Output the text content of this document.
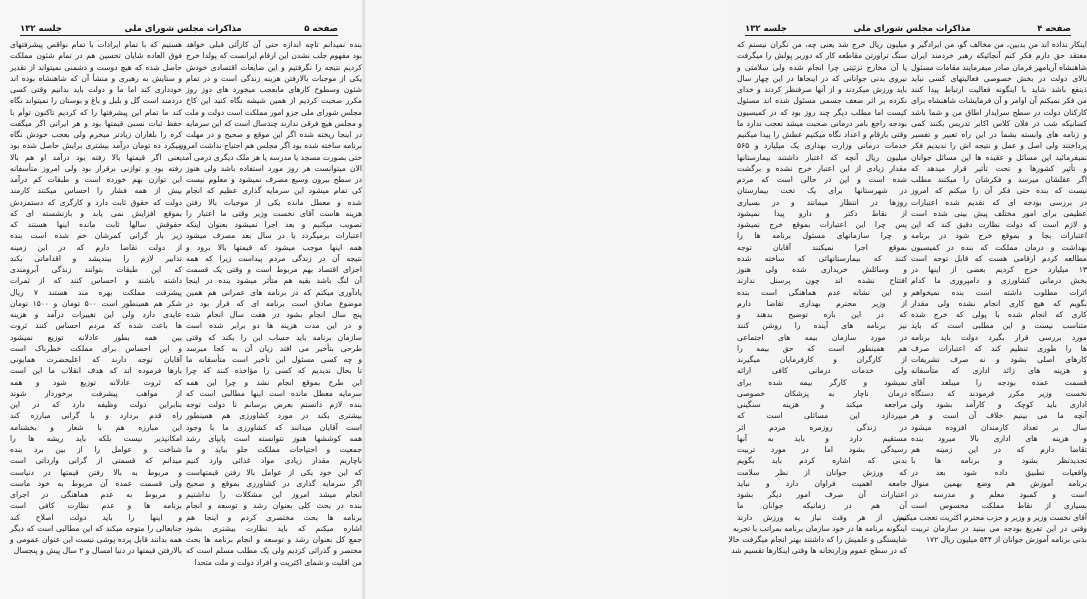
جلسه ۱۳۲	مذاکرات مجلس شورای ملی	صفحه ۵
بنده نمیدانم تاچه اندازه حتی آن کارآئی قبلی خواهد
بود مفهوم جلب نشدن این ارقام ایرانست که پولدا خرج
کردیم نتیجه را نگرفتیم و این ضایعات اقتصادی خودش
یکی از موجبات بالارفتن هزینه زندگی است و در تمام
شئون وسطوح کارهای مابعجب میخورد های دوز روز
مکرر صحبت کردیم از همین شیشه نگاه کنید این کاخ
مجلس شورای ملی جزو امور مملکت است دولت و ملت
و مجلس هیچ فرقی ندارند چندسال است که این سرمایه
در اینجا ریخته شده اگر این موقع و صحیح و در مهلت
برنامه ساخته شده بود اگر مجلس هم احتیاج نداشت امروز
حتی بصورت مسجد یا مدرسه یا هر ملک دیگری درمی آمد
الان میتوانست هر روز مورد استفاده باشد ولی هنوز
در سطح بیرون وسیع مصرف نمیشود و معلوم نیست
کی تمام میشود این سرمایه گذاری عظیم که انجام
شده و معطل مانده یکی از موجبات بالا رفتن
هزینه هاست آقای نخست وزیر وقتی ما اعتبار را
تصویب میکنیم و بعد اجرا نمیشود بعنوان اینکه
اعتبارات برمیگردد یا در سال بعد مصرف میشود
همه اینها موجب میشود که قیمتها بالا برود و
نتیجه آن در زندگی مردم پیداست زیرا که همه
اجزای اقتصاد بهم مربوط است و وقتی یک قسمت
آن لنگ باشد بقیه هم متأثر میشود بنده در اینجا
یادآوری میکنم که در برنامه های عمرانی هم همین
موضوع صادق است برنامه ای که قرار بود در
پنج سال انجام بشود در هفت سال انجام شده
و در این مدت هزینه ها دو برابر شده است
سازمان برنامه باید حساب این را بکند که وقتی
طرحی بتأخیر می افتد زیان آن به کجا میرسد
و چه کسی مسئول این تأخیر است متأسفانه ما
تا بحال ندیدیم که کسی را مؤاخذه کنند که چرا
این طرح بموقع انجام نشد و چرا این همه
سرمایه معطل مانده است اینها مطالبی است که
بنده لازم دانستم بعرض برسانم تا دولت توجه
بیشتری بکند در مورد کشاورزی هم همینطور
است آقایان میدانند که کشاورزی ما با وجود
همه کوششها هنوز نتوانسته است پابپای رشد
جمعیت و احتیاجات مملکت جلو بیاید و ما
ناچاریم مقدار زیادی مواد غذائی وارد کنیم
که این خود یکی از عوامل بالا رفتن قیمتهاست
اگر سرمایه گذاری در کشاورزی بموقع و صحیح
انجام میشد امروز این مشکلات را نداشتیم
بنده در بحث کلی بعنوان رشد و توسعه و انجام
برنامه ها بحث مختصری کردم و اینجا هم
اشاره میکنم که باید نظارت بیشتری بشود
جمع کل بعنوان رشد و توسعه و انجام برنامه ها بحث
مختصر و گذرائی کردیم ولی یک مطلب مسلم است که
من اقلیت و شمای اکثریت و افراد دولت و ملت متحدا
هستیم که با تمام ایرادات با تمام نواقص پیشرفتهای
فوق العاده شایان تحسین هم در تمام شئون مملکت
حاصل شده که هیچ دوست و دشمنی نمیتواند از تقدیر
و ستایش به رهبری و منشأ آن که شاهنشاه بوده اند
خودداری کند اما ما و دولت باید بدانیم وقتی کسی
دردمند است گل و بلبل و باغ و بوستان را نمیتواند نگاه
کند ما تمام این پیشرفتها را که کردیم تاکنون توأم با
حفظ ثبات نسبی قیمتها بود و هر ایرانی اگر میگفت
کره را بلغاران زیادتر میخرم ولی بعجب خودش نگاه
میکرد ده تومان درآمد بیشتری برایش حاصل شده بود
یعنی اگر قیمتها بالا رفته بود درآمد او هم بالا
رفته بود و توازنی برقرار بود ولی امروز متأسفانه
این توازن بهم خورده است و طبقات کم درآمد
بیش از همه فشار را احساس میکنند کارمند
دولت که حقوق ثابت دارد و کارگری که دستمزدش
بموقع افزایش نمی یابد و بازنشسته ای که
حقوقش سالها ثابت مانده اینها هستند که
زیر بار گرانی کمرشان خم شده است بنده
از دولت تقاضا دارم که در این زمینه
تدابیر لازم را بیندیشد و اقداماتی بکند
که این طبقات بتوانند زندگی آبرومندی
داشته باشند و احساس کنند که از ثمرات
پیشرفت مملکت بهره مند هستند ۷ ریال
شکر هم همینطور است ۵۰۰ تومان و ۱۵۰۰ تومان
عایدی دارد ولی این تغییرات درآمد و هزینه
ها باعث شده که مردم احساس کنند ثروت
بین همه بطور عادلانه توزیع نمیشود
و این احساس برای مملکت خطرناک است
آقایان توجه دارند که اعلیحضرت همایونی
بارها فرموده اند که هدف انقلاب ما این است
که ثروت عادلانه توزیع شود و همه
از مواهب پیشرفت برخوردار شوند
بنابراین دولت وظیفه دارد که در این
راه قدم بردارد و با گرانی مبارزه کند
این مبارزه هم با شعار و بخشنامه
امکانپذیر نیست بلکه باید ریشه ها را
شناخت و عوامل را از بین برد بنده
میدانم که قسمتی از گرانی وارداتی است
و مربوط به بالا رفتن قیمتها در دنیاست
ولی قسمت عمده آن مربوط به خود ماست
و مربوط به عدم هماهنگی در اجرای
برنامه ها و عدم نظارت کافی است
و اینها را باید دولت اصلاح کند
جنابعالی را متوجه میکند که این مطالبی است که دیگر
همه بدانند قابل پرده پوشی نیست این عنوان عمومی و
بالارفتن قیمتها در دنیا امسال و ۲ سال پیش و پنجسال
جلسه ۱۳۲	مذاکرات مجلس شورای ملی	صفحه ۴
اینکار نداده اند من بدبین، من مخالف گو، من ایرادگیر و
معتقد حق دارم فکر کنم آنجائیکه رهبر خردمند ایران
شاهنشاه آریامهر فرمان صادر میفرمایند مقامات مسئول
بالای دولت در بخش خصوصی فعالیتهای کسی نباید
ذینفع باشد شاید با اینگونه فعالیت ارتباط پیدا کنند
من فکر نمیکنم آن اوامر و آن فرمایشات شاهنشاه برای
کارکنان دولت در سطح سرایدار اطاق من و شما باشد
کسانیکه شب در فلان کلاس اکابر تدریس بکنند کمی
و زنامه های وابسته بشما در این راه تعبیر و تفسیر
پرداختند ولی اصل و عمل و نتیجه اش را ندیدیم فکر
نمیفرمائید این مسائل و عقیده ها این مسائل جوانان
و تأثیر کشورها و تحت تأثیر قرار میدهد که
اگر عقلشان میرسد و فکرشان را میکنند مطلب
نیست که بنده حتی فکر آن را میکنم که امروز
در بررسی بودجه ای که تقدیم شده اعتبارات
عظیمی برای امور مختلف پیش بینی شده است
و لازم است که دولت نظارت دقیق کند که این
اعتبارات بجا و بموقع خرج شود در برنامه
بهداشت و درمان مملکت که بنده در کمیسیون
مطالعه کردم ارقامی هست که قابل توجه است
۱۳ میلیارد خرج کردیم بعضی از اینها در
بخش درمانی کشاورزی و دامپروری ما کدام
اثرات مطلوب داشته است بنده نمیخواهم
بگویم که هیچ کاری انجام نشده ولی مقدار
کاری که انجام شده با پولی که خرج شده
متناسب نیست و این مطلبی است که باید
مورد بررسی قرار بگیرد دولت باید برنامه
ها را طوری تنظیم کند که اعتبارات صرف
کارهای اصلی بشود و نه صرف تشریفات
و هزینه های زائد اداری که متأسفانه
قسمت عمده بودجه را میبلعد آقای
نخست وزیر مکرر فرمودند که دستگاه
اداری باید کوچک و کارآمد بشود ولی
آنچه ما می بینیم خلاف آن است و هر
سال بر تعداد کارمندان افزوده میشود
و هزینه های اداری بالا میرود بنده
تقاضا دارم که در این زمینه هم
تجدیدنظر بشود و برنامه ها با
واقعیات تطبیق داده شود بعد در
برنامه آموزش هم وضع بهمین منوال
است و کمبود معلم و مدرسه در
بسیاری از نقاط مملکت محسوس است
آقای نخست وزیر و وزیر و حزب محترم اکثریت تعجب میکنم
وقتی در این تفریغ بودجه می بینید در سازمان تربیت
بدنی برنامه آموزش جوانان از ۵۴۴ میلیون ریال ۱۷۲
میلیون ریال خرج شد یعنی چه، من نگران نیستم که
سنگ تراورتن مقاطعه کار که دوربر پولش را میگرفت
یا آن مخارج تزئینی چرا انجام شده ولی سلامتی و
نیروی بدنی جوانانی که در اینجاها در این چهار سال
باید ورزش میکردند و از آنها صرفنظر کردند و خدای
نکرده بر اثر ضعف جسمی مسئول شده اند مسئول
کیست اما مطلب دیگر چند روز بود که در کمیسیون
بودجه راجع بامر درمانی صحبت میشد تعجب ندارد ما
وقتی بارقام و اعداد نگاه میکنیم عطش را پیدا میکنیم
خدمات درمانی وزارت بهداری یک میلیارد و ۵۶۵
میلیون ریال آنچه که اعتبار داشتند بیمارستانها
مقدار زیادی از این اعتبار خرج نشده و برگشت
شده است و این در حالی است که مردم
در شهرستانها برای یک تخت بیمارستان
روزها در انتظار میمانند و در بسیاری
از نقاط دکتر و دارو پیدا نمیشود
پس چرا این اعتبارات بموقع خرج نمیشود
و چرا سازمانهای مسئول برنامه ها را
بموقع اجرا نمیکنند آقایان توجه
کنند که بیمارستانهائی که ساخته شده
و وسائلش خریداری شده ولی هنوز
افتتاح نشده اند چون پرسنل ندارند
و این نشانه عدم هماهنگی است بنده
از وزیر محترم بهداری تقاضا دارم
که در این باره توضیح بدهند و
نیز برنامه های آینده را روشن کنند
در مورد سازمان بیمه های اجتماعی
هم همینطور است که حق بیمه را
از کارگران و کارفرمایان میگیرند
ولی خدمات درمانی کافی ارائه
نمیشود و کارگر بیمه شده برای
درمان ناچار به پزشکان خصوصی
مراجعه میکند و هزینه سنگینی
میپردازد این مسائلی است که
در زندگی روزمره مردم اثر
مستقیم دارد و باید به آنها
رسیدگی بشود اما در مورد تربیت
بدنی که اشاره کردم باید بگویم
که ورزش جوانان از نظر سلامت
جامعه اهمیت فراوان دارد و نباید
اعتبارات آن صرف امور دیگر بشود
آن هم در زمانیکه جوانان ما
بیش از هر وقت نیاز به ورزش دارند
اینگونه برنامه ها در خود سازمان برنامه بمراتب با تجربه
شایستگی و علمیش را که داشتند بهتر انجام میگرفت حالا
که در سطح عموم وزارتخانه ها وقتی اینکارها تقسیم شد
